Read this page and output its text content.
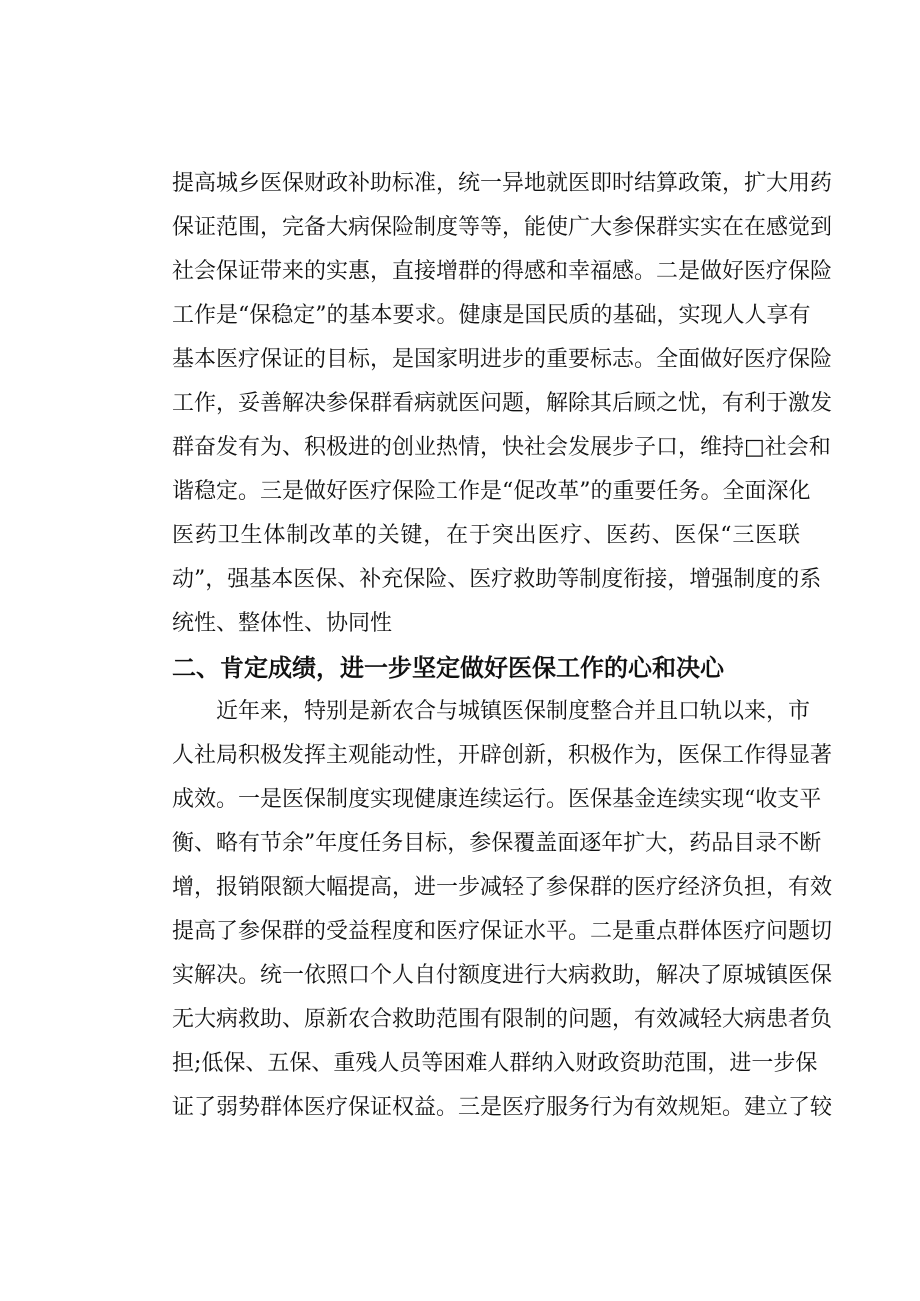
提高城乡医保财政补助标准，统一异地就医即时结算政策，扩大用药
保证范围，完备大病保险制度等等，能使广大参保群实实在在感觉到
社会保证带来的实惠，直接增群的得感和幸福感。二是做好医疗保险
工作是“保稳定”的基本要求。健康是国民质的基础，实现人人享有
基本医疗保证的目标，是国家明进步的重要标志。全面做好医疗保险
工作，妥善解决参保群看病就医问题，解除其后顾之忧，有利于激发
群奋发有为、积极进的创业热情，快社会发展步子口，维持□社会和
谐稳定。三是做好医疗保险工作是“促改革”的重要任务。全面深化
医药卫生体制改革的关键，在于突出医疗、医药、医保“三医联
动”，强基本医保、补充保险、医疗救助等制度衔接，增强制度的系
统性、整体性、协同性
二、肯定成绩，进一步坚定做好医保工作的心和决心
近年来，特别是新农合与城镇医保制度整合并且口轨以来，市
人社局积极发挥主观能动性，开辟创新，积极作为，医保工作得显著
成效。一是医保制度实现健康连续运行。医保基金连续实现“收支平
衡、略有节余”年度任务目标，参保覆盖面逐年扩大，药品目录不断
增，报销限额大幅提高，进一步减轻了参保群的医疗经济负担，有效
提高了参保群的受益程度和医疗保证水平。二是重点群体医疗问题切
实解决。统一依照口个人自付额度进行大病救助，解决了原城镇医保
无大病救助、原新农合救助范围有限制的问题，有效减轻大病患者负
担;低保、五保、重残人员等困难人群纳入财政资助范围，进一步保
证了弱势群体医疗保证权益。三是医疗服务行为有效规矩。建立了较
